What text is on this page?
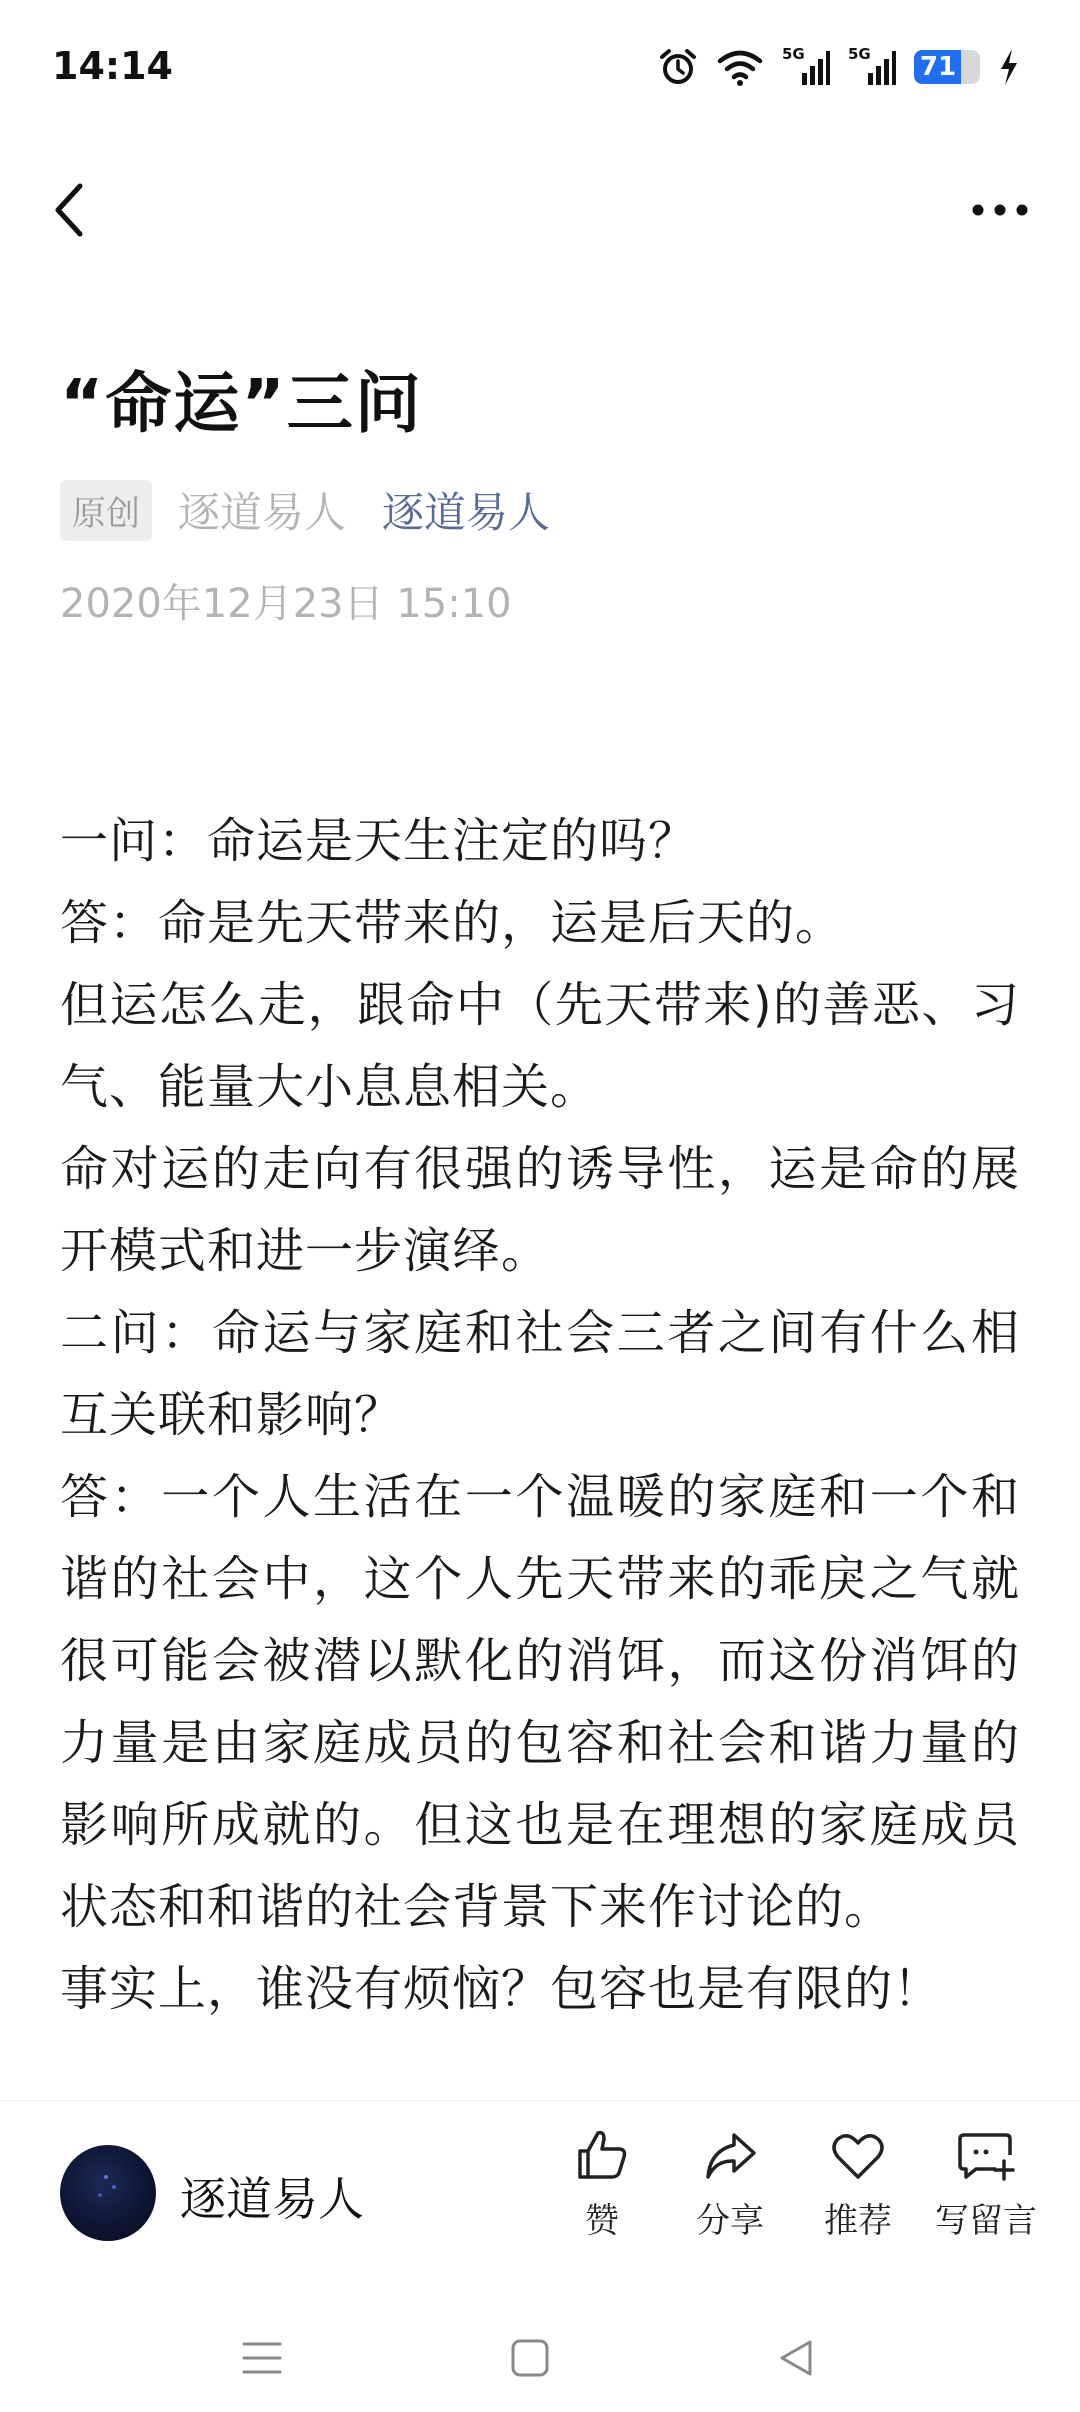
14:14	5G	5G 71
“命运”三问
原创 逐道易人 逐道易人
2020年12月23日 15:10

一问：命运是天生注定的吗？

答：命是先天带来的，运是后天的。

但运怎么走，跟命中（先天带来)的善恶、习气、能量大小息息相关。

命对运的走向有很强的诱导性，运是命的展开模式和进一步演绎。

二问：命运与家庭和社会三者之间有什么相互关联和影响？

答：一个人生活在一个温暖的家庭和一个和谐的社会中，这个人先天带来的乖戾之气就很可能会被潜以默化的消饵，而这份消饵的力量是由家庭成员的包容和社会和谐力量的影响所成就的。但这也是在理想的家庭成员状态和和谐的社会背景下来作讨论的。

事实上，谁没有烦恼？包容也是有限的！

逐道易人	赞 分享 推荐 写留言
